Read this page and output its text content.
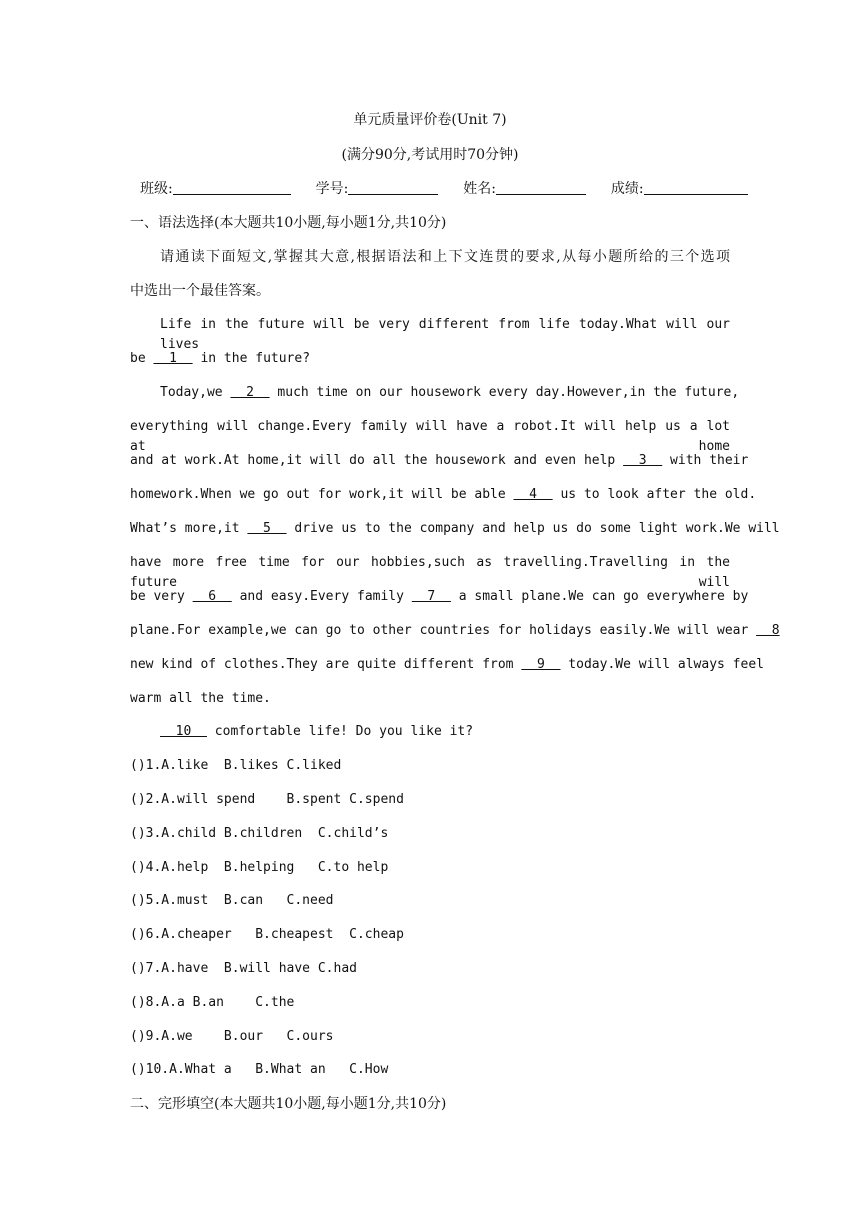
单元质量评价卷(Unit 7)
(满分90分,考试用时70分钟)
班级:	学号:	姓名:	成绩:
一、语法选择(本大题共10小题,每小题1分,共10分)
请通读下面短文,掌握其大意,根据语法和上下文连贯的要求,从每小题所给的三个选项
中选出一个最佳答案。
Life in the future will be very different from life today.What will our lives
be   1   in the future?
Today,we   2   much time on our housework every day.However,in the future,
everything will change.Every family will have a robot.It will help us a lot at home
and at work.At home,it will do all the housework and even help   3   with their
homework.When we go out for work,it will be able   4   us to look after the old.
What’s more,it   5   drive us to the company and help us do some light work.We will
have more free time for our hobbies,such as travelling.Travelling in the future will
be very   6   and easy.Every family   7   a small plane.We can go everywhere by
plane.For example,we can go to other countries for holidays easily.We will wear   8
new kind of clothes.They are quite different from   9   today.We will always feel
warm all the time.
10   comfortable life! Do you like it?
()1.A.like  B.likes C.liked
()2.A.will spend    B.spent C.spend
()3.A.child B.children  C.child’s
()4.A.help  B.helping   C.to help
()5.A.must  B.can   C.need
()6.A.cheaper   B.cheapest  C.cheap
()7.A.have  B.will have C.had
()8.A.a B.an    C.the
()9.A.we    B.our   C.ours
()10.A.What a   B.What an   C.How
二、完形填空(本大题共10小题,每小题1分,共10分)
